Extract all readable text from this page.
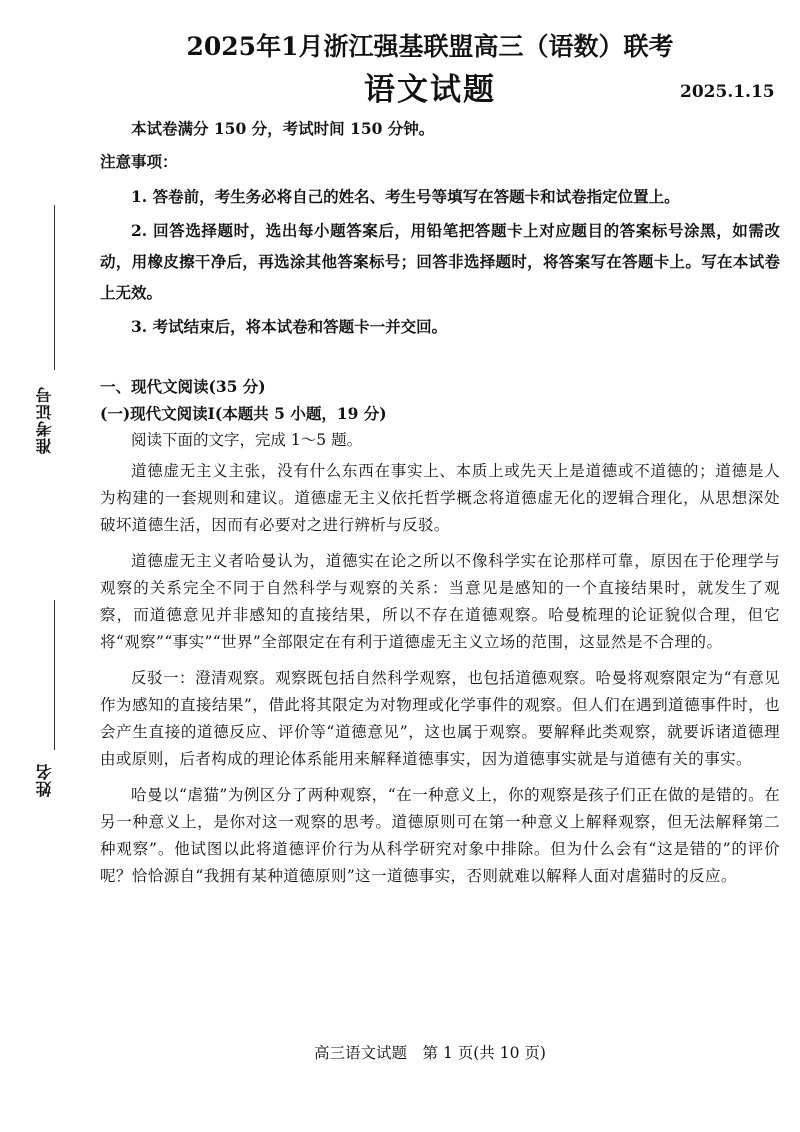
准考证号
姓名
2025年1月浙江强基联盟高三（语数）联考
语文试题	2025.1.15
本试卷满分 150 分，考试时间 150 分钟。
注意事项：

1. 答卷前，考生务必将自己的姓名、考生号等填写在答题卡和试卷指定位置上。

2. 回答选择题时，选出每小题答案后，用铅笔把答题卡上对应题目的答案标号涂黑，如需改动，用橡皮擦干净后，再选涂其他答案标号；回答非选择题时，将答案写在答题卡上。写在本试卷上无效。

3. 考试结束后，将本试卷和答题卡一并交回。

一、现代文阅读(35 分)
(一)现代文阅读Ⅰ(本题共 5 小题，19 分)
阅读下面的文字，完成 1～5 题。

道德虚无主义主张，没有什么东西在事实上、本质上或先天上是道德或不道德的；道德是人为构建的一套规则和建议。道德虚无主义依托哲学概念将道德虚无化的逻辑合理化，从思想深处破坏道德生活，因而有必要对之进行辨析与反驳。

道德虚无主义者哈曼认为，道德实在论之所以不像科学实在论那样可靠，原因在于伦理学与观察的关系完全不同于自然科学与观察的关系：当意见是感知的一个直接结果时，就发生了观察，而道德意见并非感知的直接结果，所以不存在道德观察。哈曼梳理的论证貌似合理，但它将“观察”“事实”“世界”全部限定在有利于道德虚无主义立场的范围，这显然是不合理的。

反驳一：澄清观察。观察既包括自然科学观察，也包括道德观察。哈曼将观察限定为“有意见作为感知的直接结果”，借此将其限定为对物理或化学事件的观察。但人们在遇到道德事件时，也会产生直接的道德反应、评价等“道德意见”，这也属于观察。要解释此类观察，就要诉诸道德理由或原则，后者构成的理论体系能用来解释道德事实，因为道德事实就是与道德有关的事实。

哈曼以“虐猫”为例区分了两种观察，“在一种意义上，你的观察是孩子们正在做的是错的。在另一种意义上，是你对这一观察的思考。道德原则可在第一种意义上解释观察，但无法解释第二种观察”。他试图以此将道德评价行为从科学研究对象中排除。但为什么会有“这是错的”的评价呢？恰恰源自“我拥有某种道德原则”这一道德事实，否则就难以解释人面对虐猫时的反应。

高三语文试题　第 1 页(共 10 页)
